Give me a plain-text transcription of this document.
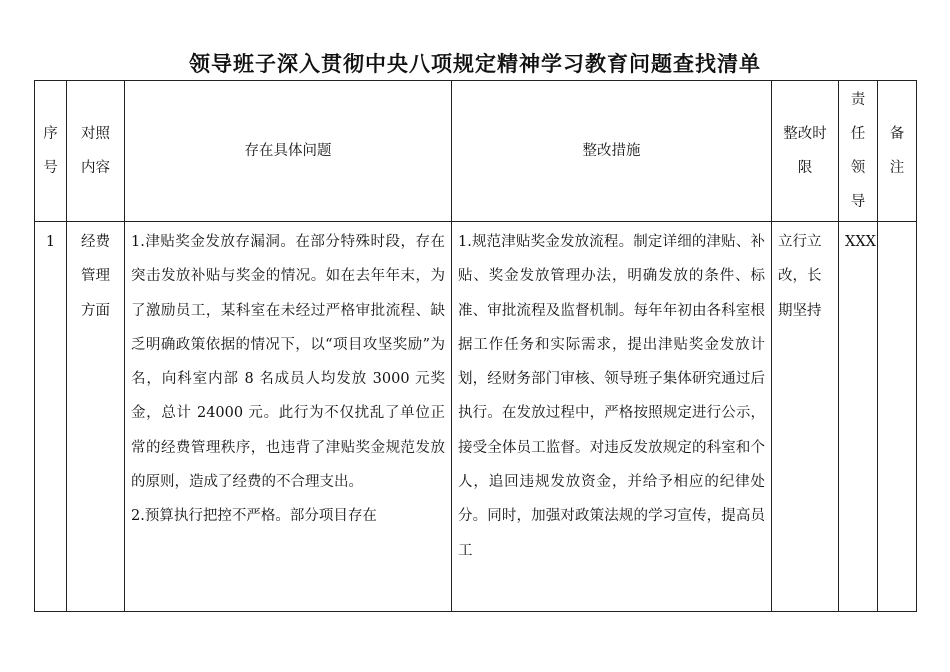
领导班子深入贯彻中央八项规定精神学习教育问题查找清单
序号	对照内容	存在具体问题	整改措施	整改时限	责任领导	备注

1	经费管理方面	1.津贴奖金发放存漏洞。在部分特殊时段，存在突击发放补贴与奖金的情况。如在去年年末，为了激励员工，某科室在未经过严格审批流程、缺乏明确政策依据的情况下，以“项目攻坚奖励”为名，向科室内部 8 名成员人均发放 3000 元奖金，总计 24000 元。此行为不仅扰乱了单位正常的经费管理秩序，也违背了津贴奖金规范发放的原则，造成了经费的不合理支出。

2.预算执行把控不严格。部分项目存在	1.规范津贴奖金发放流程。制定详细的津贴、补贴、奖金发放管理办法，明确发放的条件、标准、审批流程及监督机制。每年年初由各科室根据工作任务和实际需求，提出津贴奖金发放计划，经财务部门审核、领导班子集体研究通过后执行。在发放过程中，严格按照规定进行公示，接受全体员工监督。对违反发放规定的科室和个人，追回违规发放资金，并给予相应的纪律处分。同时，加强对政策法规的学习宣传，提高员工	立行立改，长期坚持	XXX	
